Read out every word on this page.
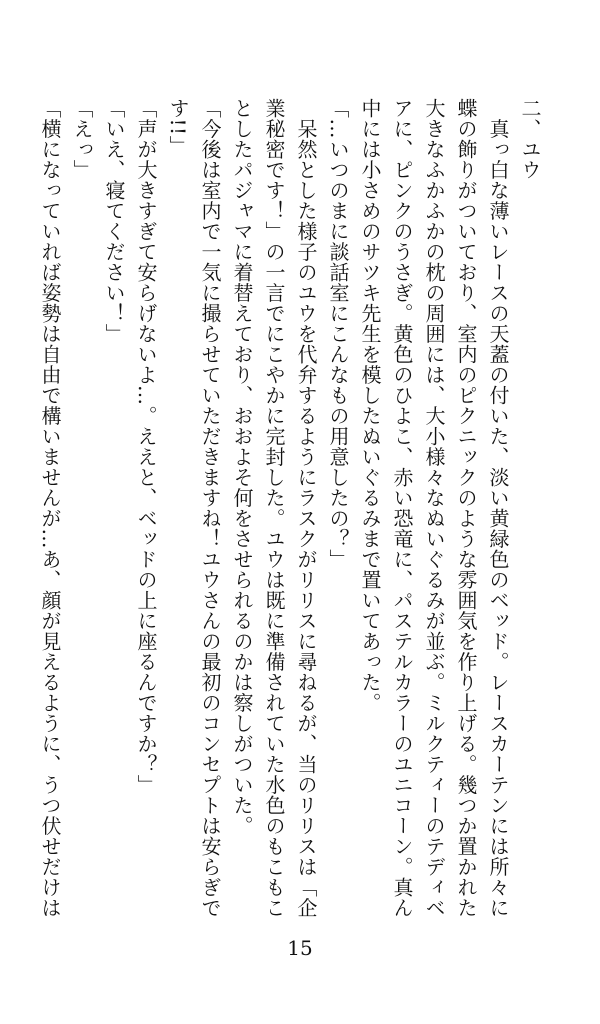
二、ユウ
　真っ白な薄いレースの天蓋の付いた、淡い黄緑色のベッド。レースカーテンには所々に
蝶の飾りがついており、室内のピクニックのような雰囲気を作り上げる。幾つか置かれた
大きなふかふかの枕の周囲には、大小様々なぬいぐるみが並ぶ。ミルクティーのテディベ
アに、ピンクのうさぎ。黄色のひよこ、赤い恐竜に、パステルカラーのユニコーン。真ん
中には小さめのサツキ先生を模したぬいぐるみまで置いてあった。
「…いつのまに談話室にこんなもの用意したの？」
　呆然とした様子のユウを代弁するようにラスクがリリスに尋ねるが、当のリリスは「企
業秘密です！」の一言でにこやかに完封した。ユウは既に準備されていた水色のもこもこ
としたパジャマに着替えており、おおよそ何をさせられるのかは察しがついた。
「今後は室内で一気に撮らせていただきますね！ユウさんの最初のコンセプトは安らぎで
す!!」
「声が大きすぎて安らげないよ…。ええと、ベッドの上に座るんですか？」
「いえ、寝てください！」
「えっ」
「横になっていれば姿勢は自由で構いませんが…あ、顔が見えるように、うつ伏せだけは
15
